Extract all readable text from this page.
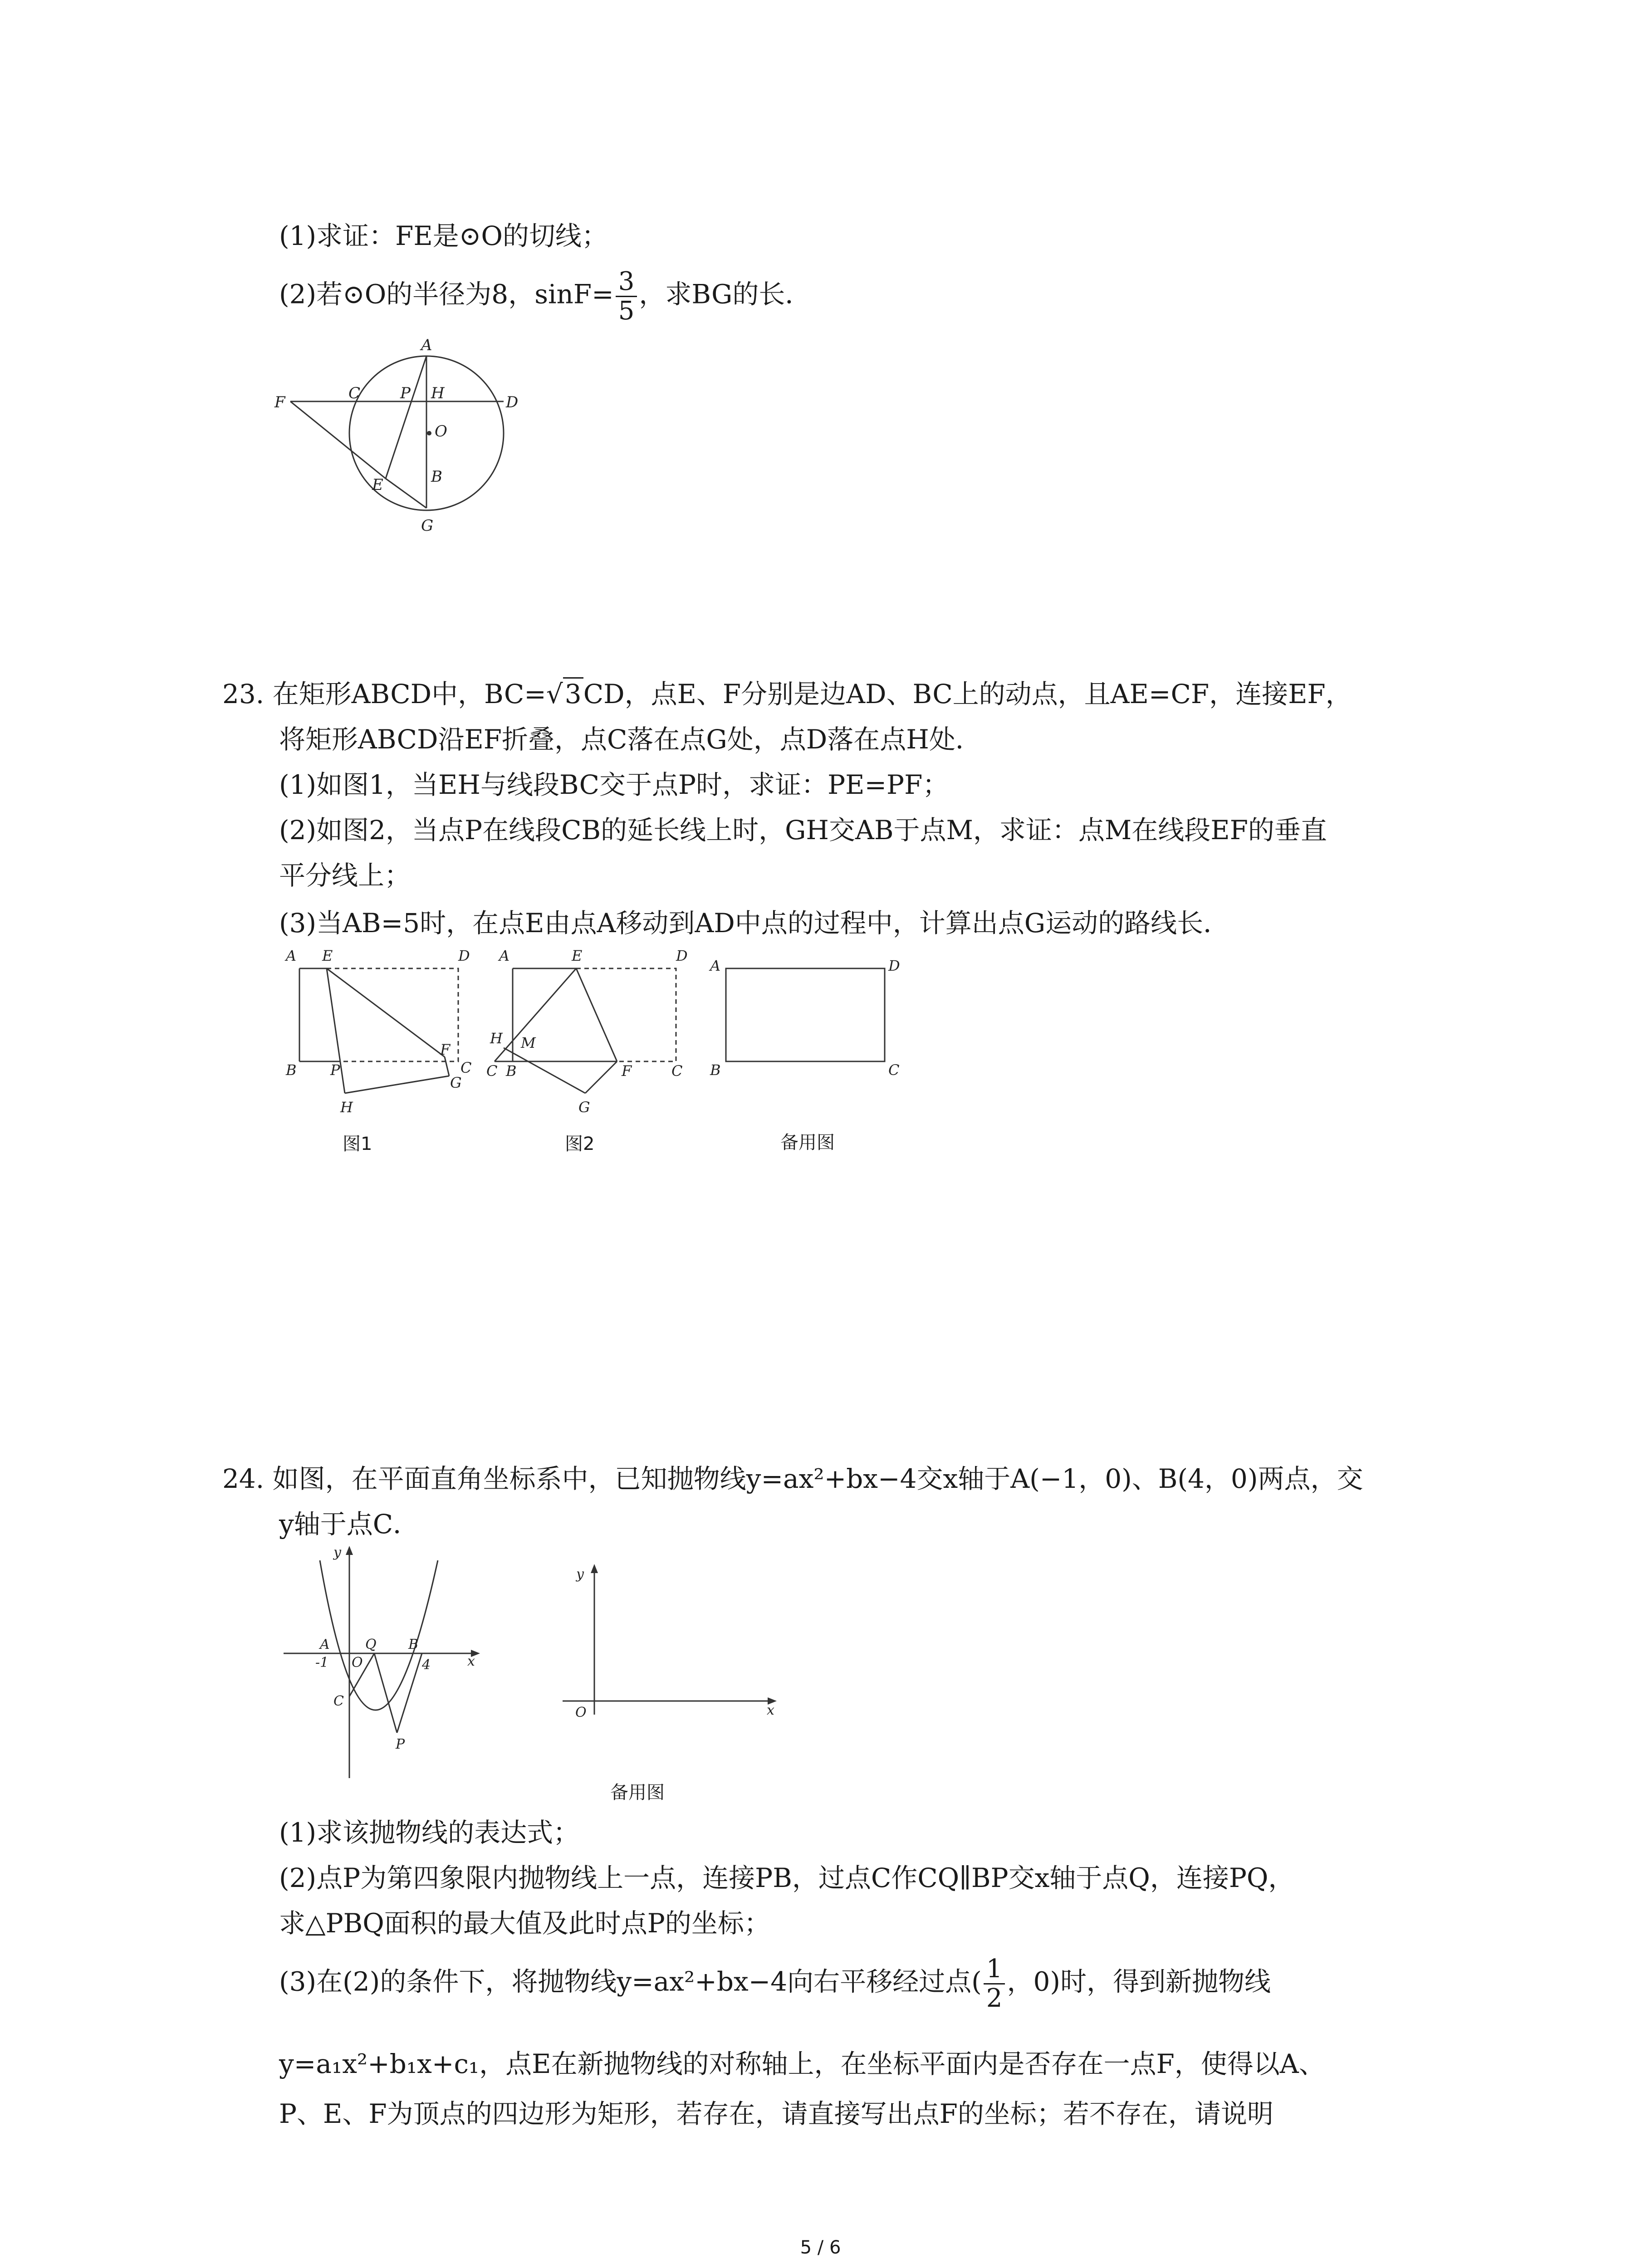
(1)求证：FE是⊙O的切线；
(2)若⊙O的半径为8，$\sin F= \frac{3}{5}$ ，求BG的长．
A
F	C	P H	D
O
E	B
G
23. 在矩形ABCD中，BC=√3CD，点E、F分别是边AD、BC上的动点，且AE=CF，连接EF，
将矩形ABCD沿EF折叠，点C落在点G处，点D落在点H处．
(1)如图1，当EH与线段BC交于点P时，求证：PE=PF；
(2)如图2，当点P在线段CB的延长线上时，GH交AB于点M，求证：点M在线段EF的垂直
平分线上；
(3)当AB=5时，在点E由点A移动到AD中点的过程中，计算出点G运动的路线长．
A E	D
B P
F
C
G
H
图1
A	E	D
H M
C B	F	C
G
图2
A	D
B	C
备用图
24. 如图，在平面直角坐标系中，已知抛物线y=ax²+bx−4交x轴于A(−1，0)、B(4，0)两点，交
y轴于点C．
y
A	Q B
-1 O	4	x
C
P
y
O	x
备用图
(1)求该抛物线的表达式；
(2)点P为第四象限内抛物线上一点，连接PB，过点C作CQ∥BP交x轴于点Q，连接PQ，
求△PBQ面积的最大值及此时点P的坐标；
(3)在(2)的条件下，将抛物线y=ax²+bx−4向右平移经过点( $\frac{1}{2}$ ，0)时，得到新抛物线
y=a₁x²+b₁x+c₁，点E在新抛物线的对称轴上，在坐标平面内是否存在一点F，使得以A、
P、E、F为顶点的四边形为矩形，若存在，请直接写出点F的坐标；若不存在，请说明
5 / 6
